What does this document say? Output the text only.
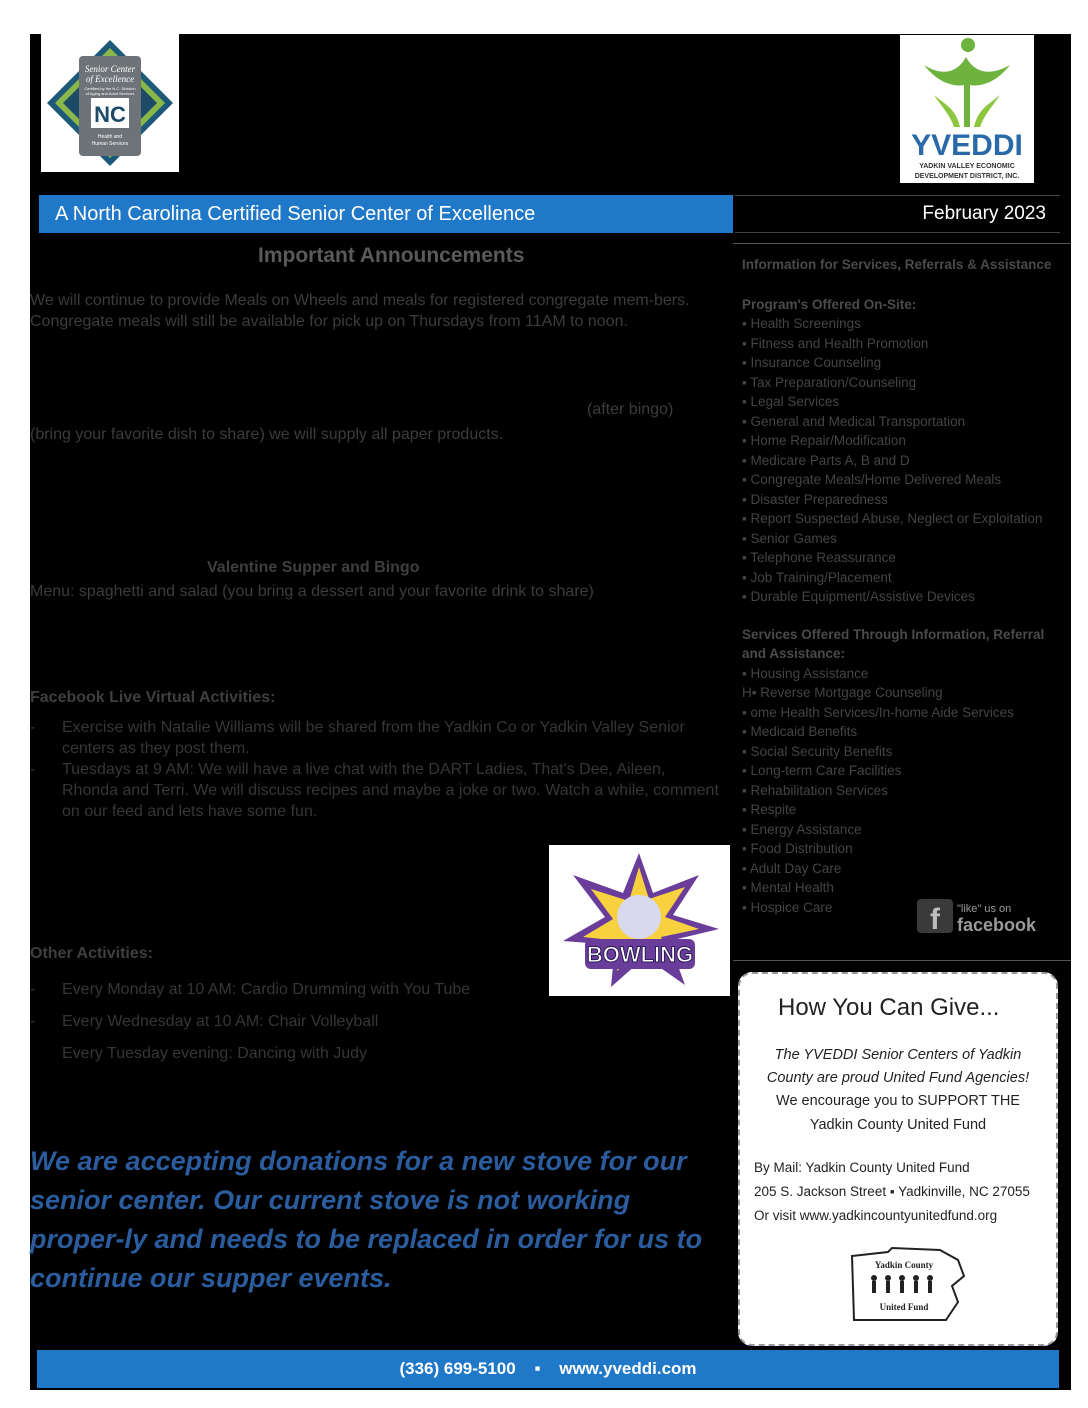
Senior Center
of Excellence
Certified by the N.C. Division
of Aging and Adult Services
NC
Health and
Human Services	YVEDDI
YADKIN VALLEY ECONOMIC
DEVELOPMENT DISTRICT, INC.
A North Carolina Certified Senior Center of Excellence	February 2023
Important Announcements
We will continue to provide Meals on Wheels and meals for registered congregate mem-bers. Congregate meals will still be available for pick up on Thursdays from 11AM to noon.
(after bingo)
(bring your favorite dish to share) we will supply all paper products.
Valentine Supper and Bingo
Menu: spaghetti and salad (you bring a dessert and your favorite drink to share)
Facebook Live Virtual Activities:
- Exercise with Natalie Williams will be shared from the Yadkin Co or Yadkin Valley Senior centers as they post them.
- Tuesdays at 9 AM: We will have a live chat with the DART Ladies, That's Dee, Aileen, Rhonda and Terri. We will discuss recipes and maybe a joke or two. Watch a while, comment on our feed and lets have some fun.
Other Activities:
- Every Monday at 10 AM: Cardio Drumming with You Tube
- Every Wednesday at 10 AM: Chair Volleyball
Every Tuesday evening: Dancing with Judy
BOWLING
We are accepting donations for a new stove for our senior center. Our current stove is not working proper-ly and needs to be replaced in order for us to continue our supper events.
Information for Services, Referrals & Assistance
Program's Offered On-Site:
▪ Health Screenings
▪ Fitness and Health Promotion
▪ Insurance Counseling
▪ Tax Preparation/Counseling
▪ Legal Services
▪ General and Medical Transportation
▪ Home Repair/Modification
▪ Medicare Parts A, B and D
▪ Congregate Meals/Home Delivered Meals
▪ Disaster Preparedness
▪ Report Suspected Abuse, Neglect or Exploitation
▪ Senior Games
▪ Telephone Reassurance
▪ Job Training/Placement
▪ Durable Equipment/Assistive Devices
Services Offered Through Information, Referral and Assistance:
▪ Housing Assistance
H▪ Reverse Mortgage Counseling
▪ ome Health Services/In-home Aide Services
▪ Medicaid Benefits
▪ Social Security Benefits
▪ Long-term Care Facilities
▪ Rehabilitation Services
▪ Respite
▪ Energy Assistance
▪ Food Distribution
▪ Adult Day Care
▪ Mental Health
▪ Hospice Care	f "like" us on
facebook
How You Can Give...
The YVEDDI Senior Centers of Yadkin County are proud United Fund Agencies!
We encourage you to SUPPORT THE
Yadkin County United Fund
By Mail: Yadkin County United Fund
205 S. Jackson Street ▪ Yadkinville, NC 27055
Or visit www.yadkincountyunitedfund.org
Yadkin County
United Fund
(336) 699-5100 ▪ www.yveddi.com
